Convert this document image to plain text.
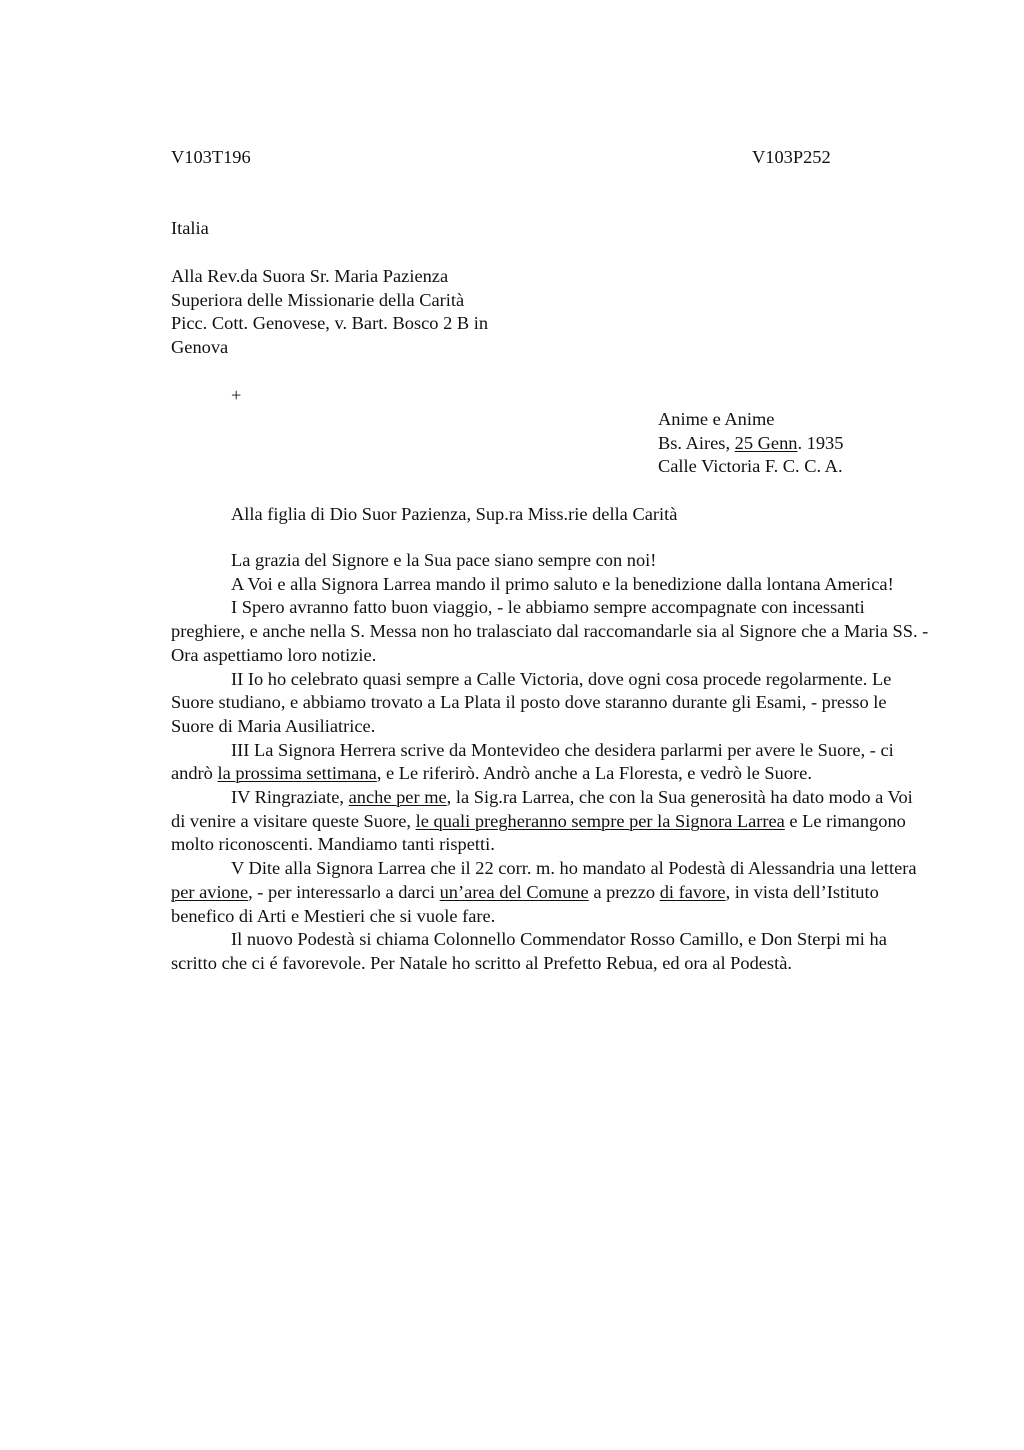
V103T196	V103P252
Italia
Alla Rev.da Suora Sr. Maria Pazienza
Superiora delle Missionarie della Carità
Picc. Cott. Genovese, v. Bart. Bosco 2 B in
Genova
+
Anime e Anime
Bs. Aires, 25 Genn. 1935
Calle Victoria F. C. C. A.
Alla figlia di Dio Suor Pazienza, Sup.ra Miss.rie della Carità

La grazia del Signore e la Sua pace siano sempre con noi!

A Voi e alla Signora Larrea mando il primo saluto e la benedizione dalla lontana America!

I Spero avranno fatto buon viaggio, - le abbiamo sempre accompagnate con incessanti preghiere, e anche nella S. Messa non ho tralasciato dal raccomandarle sia al Signore che a Maria SS. - Ora aspettiamo loro notizie.

II Io ho celebrato quasi sempre a Calle Victoria, dove ogni cosa procede regolarmente. Le Suore studiano, e abbiamo trovato a La Plata il posto dove staranno durante gli Esami, - presso le Suore di Maria Ausiliatrice.

III La Signora Herrera scrive da Montevideo che desidera parlarmi per avere le Suore, - ci andrò la prossima settimana, e Le riferirò. Andrò anche a La Floresta, e vedrò le Suore.

IV Ringraziate, anche per me, la Sig.ra Larrea, che con la Sua generosità ha dato modo a Voi di venire a visitare queste Suore, le quali pregheranno sempre per la Signora Larrea e Le rimangono molto riconoscenti. Mandiamo tanti rispetti.

V Dite alla Signora Larrea che il 22 corr. m. ho mandato al Podestà di Alessandria una lettera per avione, - per interessarlo a darci un’area del Comune a prezzo di favore, in vista dell’Istituto benefico di Arti e Mestieri che si vuole fare.

Il nuovo Podestà si chiama Colonnello Commendator Rosso Camillo, e Don Sterpi mi ha scritto che ci é favorevole. Per Natale ho scritto al Prefetto Rebua, ed ora al Podestà.
